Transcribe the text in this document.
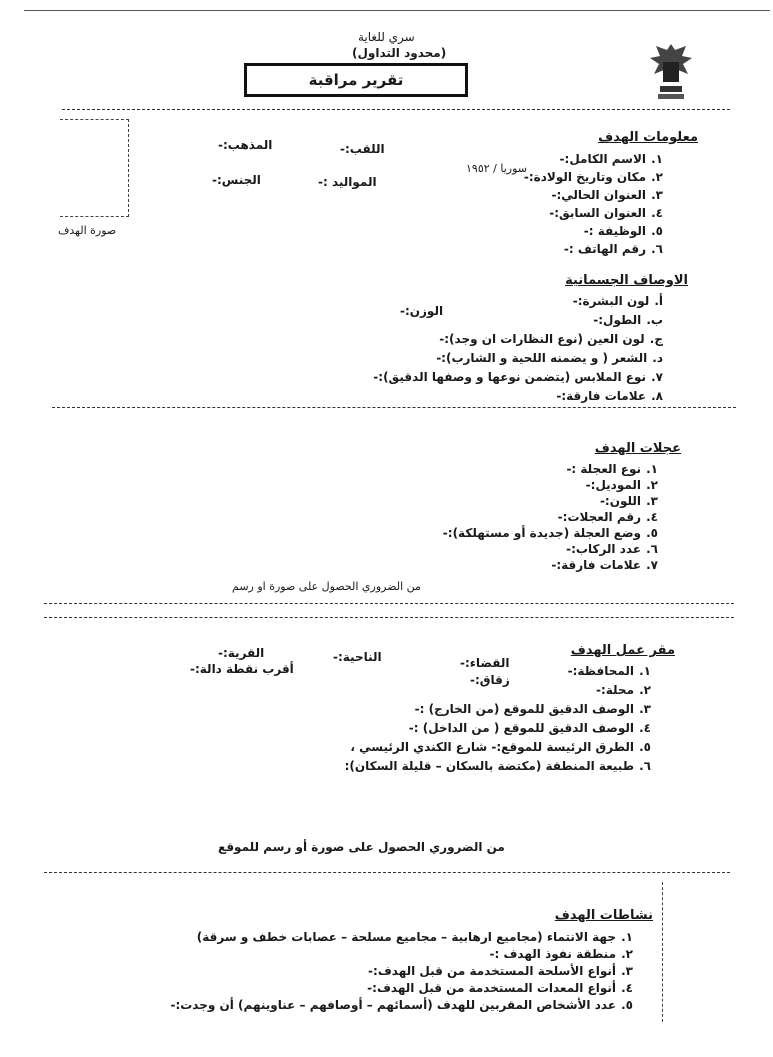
سري للغاية
(محدود التداول)
تقرير مراقبة
صورة الهدف
معلومات الهدف
١. الاسم الكامل:-
٢. مكان وتاريخ الولادة:-
٣. العنوان الحالي:-
٤. العنوان السابق:-
٥. الوظيفة :-
٦. رقم الهاتف :-
سوريا / ١٩٥٢
اللقب:-
المذهب:-
المواليد :-
الجنس:-
الاوصاف الجسمانية
أ. لون البشرة:-
ب. الطول:-
ج. لون العين (نوع النظارات ان وجد):-
د. الشعر ( و يضمنه اللحية و الشارب):-
٧. نوع الملابس (يتضمن نوعها و وصفها الدقيق):-
٨. علامات فارقة:-
الوزن:-
عجلات الهدف
١. نوع العجلة :-
٢. الموديل:-
٣. اللون:-
٤. رقم العجلات:-
٥. وضع العجلة (جديدة أو مستهلكة):-
٦. عدد الركاب:-
٧. علامات فارقة:-
من الضروري الحصول على صورة او رسم
مقر عمل الهدف
١. المحافظة:-
٢. محلة:-
٣. الوصف الدقيق للموقع (من الخارج) :-
٤. الوصف الدقيق للموقع ( من الداخل) :-
٥. الطرق الرئيسة للموقع:- شارع الكندي الرئيسي ،
٦. طبيعة المنطقة (مكتضة بالسكان – قليلة السكان):
القضاء:-
الناحية:-
القرية:-
أقرب نقطة دالة:-
زقاق:-
من الضروري الحصول على صورة أو رسم للموقع
نشاطات الهدف
١. جهة الانتماء (مجاميع ارهابية – مجاميع مسلحة – عصابات خطف و سرقة)
٢. منطقة نفوذ الهدف :-
٣. أنواع الأسلحة المستخدمة من قبل الهدف:-
٤. أنواع المعدات المستخدمة من قبل الهدف:-
٥. عدد الأشخاص المقربين للهدف (أسمائهم – أوصافهم – عناوينهم) أن وجدت:-
